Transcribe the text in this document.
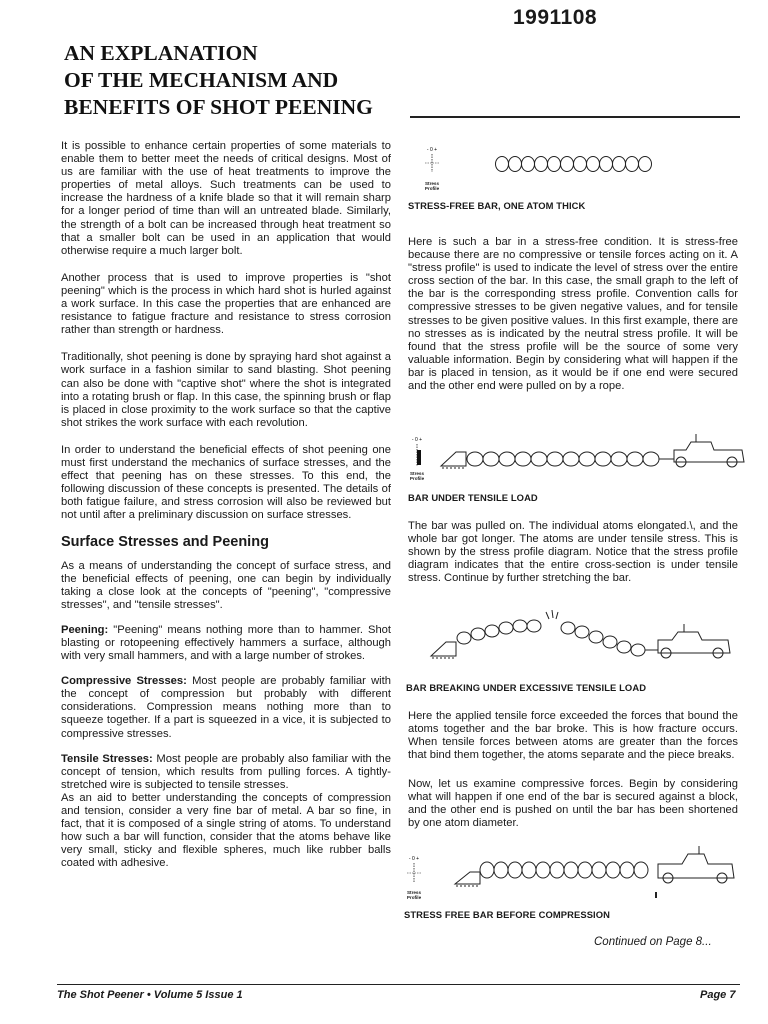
1991108
AN EXPLANATION
OF THE MECHANISM AND
BENEFITS OF SHOT PEENING

It is possible to enhance certain properties of some materials to enable them to better meet the needs of critical designs. Most of us are familiar with the use of heat treatments to improve the properties of metal alloys. Such treatments can be used to increase the hardness of a knife blade so that it will remain sharp for a longer period of time than will an untreated blade. Similarly, the strength of a bolt can be increased through heat treatment so that a smaller bolt can be used in an application that would otherwise require a much larger bolt.

Another process that is used to improve properties is "shot peening" which is the process in which hard shot is hurled against a work surface. In this case the properties that are enhanced are resistance to fatigue fracture and resistance to stress corrosion rather than strength or hardness.

Traditionally, shot peening is done by spraying hard shot against a work surface in a fashion similar to sand blasting. Shot peening can also be done with "captive shot" where the shot is integrated into a rotating brush or flap. In this case, the spinning brush or flap is placed in close proximity to the work surface so that the captive shot strikes the work surface with each revolution.

In order to understand the beneficial effects of shot peening one must first understand the mechanics of surface stresses, and the effect that peening has on these stresses. To this end, the following discussion of these concepts is presented. The details of both fatigue failure, and stress corrosion will also be reviewed but not until after a preliminary discussion on surface stresses.

Surface Stresses and Peening

As a means of understanding the concept of surface stress, and the beneficial effects of peening, one can begin by individually taking a close look at the concepts of "peening", "compressive stresses", and "tensile stresses".

Peening: "Peening" means nothing more than to hammer. Shot blasting or rotopeening effectively hammers a surface, although with very small hammers, and with a large number of strokes.

Compressive Stresses: Most people are probably familiar with the concept of compression but probably with different considerations. Compression means nothing more than to squeeze together. If a part is squeezed in a vice, it is subjected to compressive stresses.

Tensile Stresses: Most people are probably also familiar with the concept of tension, which results from pulling forces. A tightly-stretched wire is subjected to tensile stresses.

As an aid to better understanding the concepts of compression and tension, consider a very fine bar of metal. A bar so fine, in fact, that it is composed of a single string of atoms. To understand how such a bar will function, consider that the atoms behave like very small, sticky and flexible spheres, much like rubber balls coated with adhesive.

- 0 +
Stress
Profile
STRESS-FREE BAR, ONE ATOM THICK
Here is such a bar in a stress-free condition. It is stress-free because there are no compressive or tensile forces acting on it. A "stress profile" is used to indicate the level of stress over the entire cross section of the bar. In this case, the small graph to the left of the bar is the corresponding stress profile. Convention calls for compressive stresses to be given negative values, and for tensile stresses to be given positive values. In this first example, there are no stresses as is indicated by the neutral stress profile. It will be found that the stress profile will be the source of some very valuable information. Begin by considering what will happen if the bar is placed in tension, as it would be if one end were secured and the other end were pulled on by a rope.
- 0 +
Stress
Profile
BAR UNDER TENSILE LOAD
The bar was pulled on. The individual atoms elongated.\, and the whole bar got longer. The atoms are under tensile stress. This is shown by the stress profile diagram. Notice that the stress profile diagram indicates that the entire cross-section is under tensile stress. Continue by further stretching the bar.
BAR BREAKING UNDER EXCESSIVE TENSILE LOAD
Here the applied tensile force exceeded the forces that bound the atoms together and the bar broke. This is how fracture occurs. When tensile forces between atoms are greater than the forces that bind them together, the atoms separate and the piece breaks.
Now, let us examine compressive forces. Begin by considering what will happen if one end of the bar is secured against a block, and the other end is pushed on until the bar has been shortened by one atom diameter.
- 0 +
Stress
Profile
STRESS FREE BAR BEFORE COMPRESSION
Continued on Page 8...
The Shot Peener • Volume 5 Issue 1	Page 7
